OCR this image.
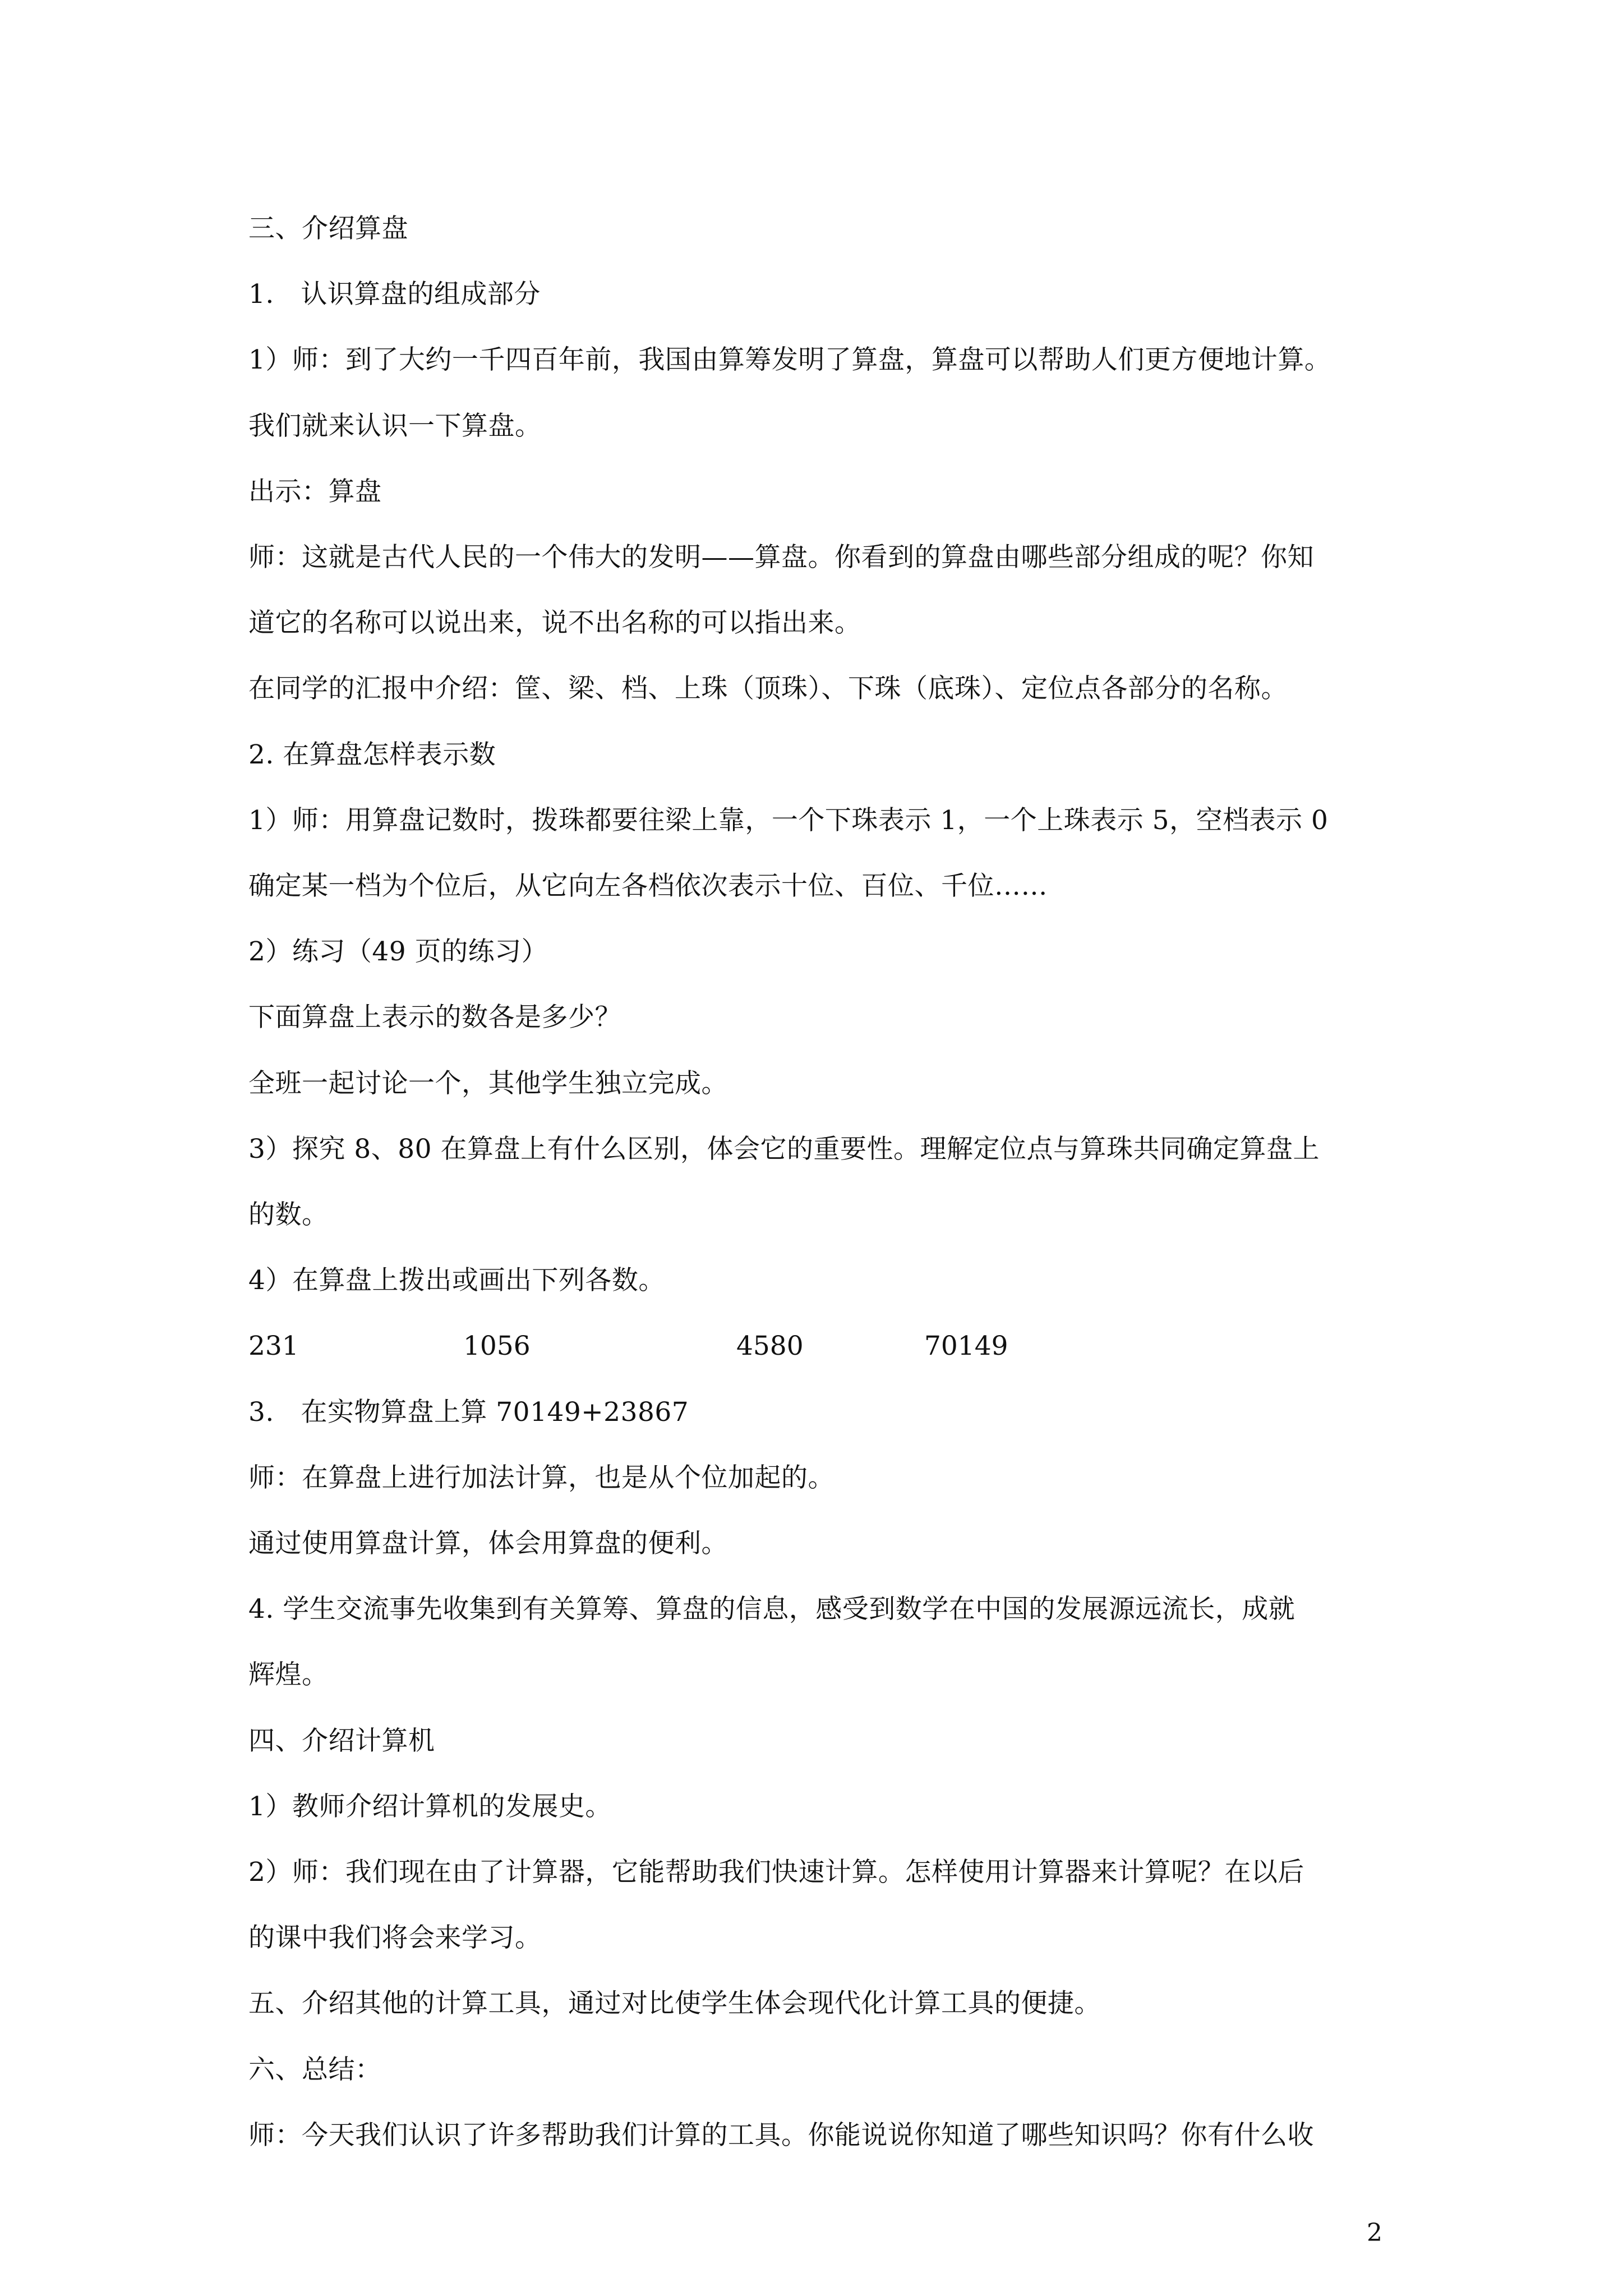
2
三、介绍算盘
1.　认识算盘的组成部分
1）师：到了大约一千四百年前，我国由算筹发明了算盘，算盘可以帮助人们更方便地计算。
我们就来认识一下算盘。
出示：算盘
师：这就是古代人民的一个伟大的发明——算盘。你看到的算盘由哪些部分组成的呢？你知
道它的名称可以说出来，说不出名称的可以指出来。
在同学的汇报中介绍：筐、梁、档、上珠（顶珠）、下珠（底珠）、定位点各部分的名称。
2. 在算盘怎样表示数
1）师：用算盘记数时，拨珠都要往梁上靠，一个下珠表示 1，一个上珠表示 5，空档表示 0
确定某一档为个位后，从它向左各档依次表示十位、百位、千位……
2）练习（49 页的练习）
下面算盘上表示的数各是多少？
全班一起讨论一个，其他学生独立完成。
3）探究 8、80 在算盘上有什么区别，体会它的重要性。理解定位点与算珠共同确定算盘上
的数。
4）在算盘上拨出或画出下列各数。
231	1056	4580	70149
3.　在实物算盘上算 70149+23867
师：在算盘上进行加法计算，也是从个位加起的。
通过使用算盘计算，体会用算盘的便利。
4. 学生交流事先收集到有关算筹、算盘的信息，感受到数学在中国的发展源远流长，成就
辉煌。
四、介绍计算机
1）教师介绍计算机的发展史。
2）师：我们现在由了计算器，它能帮助我们快速计算。怎样使用计算器来计算呢？在以后
的课中我们将会来学习。
五、介绍其他的计算工具，通过对比使学生体会现代化计算工具的便捷。
六、总结：
师：今天我们认识了许多帮助我们计算的工具。你能说说你知道了哪些知识吗？你有什么收
